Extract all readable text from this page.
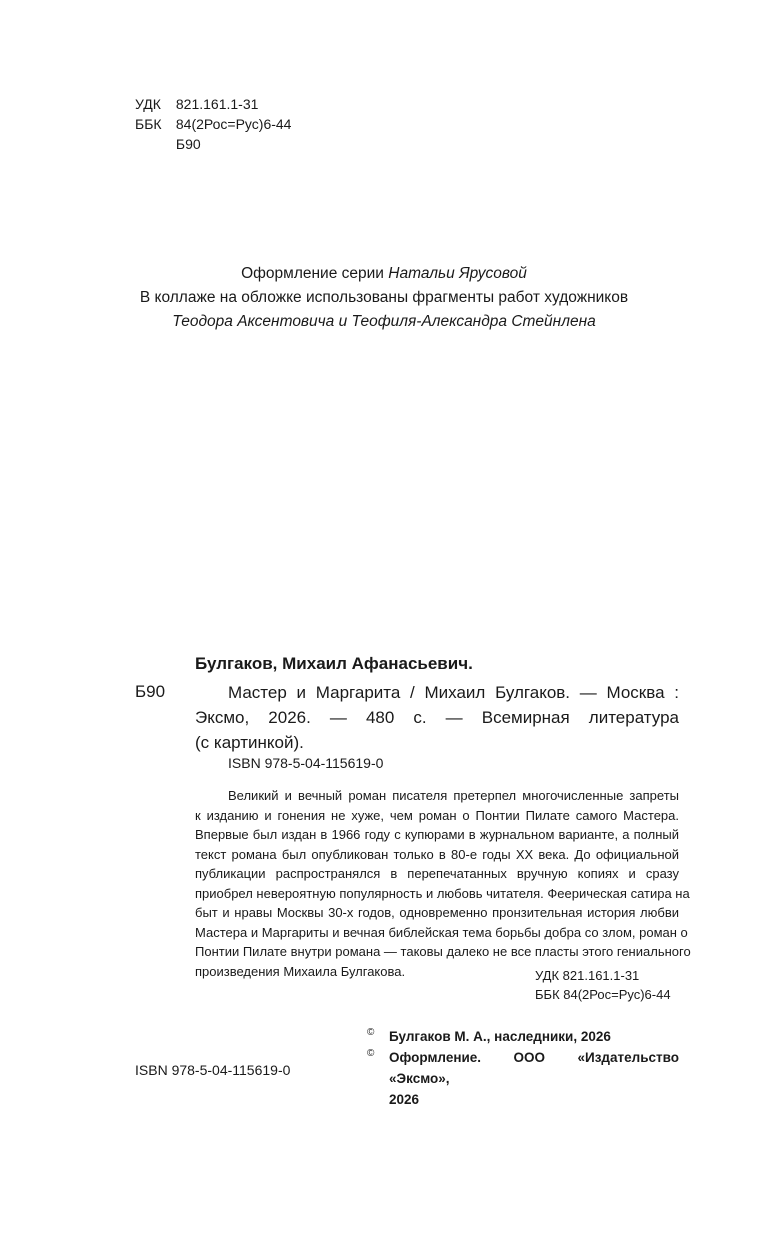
УДК 821.161.1-31
ББК 84(2Рос=Рус)6-44
Б90
Оформление серии Натальи Ярусовой
В коллаже на обложке использованы фрагменты работ художников
Теодора Аксентовича и Теофиля-Александра Стейнлена
Булгаков, Михаил Афанасьевич.
Б90	Мастер и Маргарита / Михаил Булгаков. — Москва :
Эксмо, 2026. — 480 с. — Всемирная литература
(с картинкой).
ISBN 978-5-04-115619-0
Великий и вечный роман писателя претерпел многочисленные запреты
к изданию и гонения не хуже, чем роман о Понтии Пилате самого Мастера.
Впервые был издан в 1966 году с купюрами в журнальном варианте, а полный
текст романа был опубликован только в 80-е годы XX века. До официальной
публикации распространялся в перепечатанных вручную копиях и сразу
приобрел невероятную популярность и любовь читателя. Феерическая сатира на
быт и нравы Москвы 30-х годов, одновременно пронзительная история любви
Мастера и Маргариты и вечная библейская тема борьбы добра со злом, роман о
Понтии Пилате внутри романа — таковы далеко не все пласты этого гениального
произведения Михаила Булгакова.	УДК 821.161.1-31
ББК 84(2Рос=Рус)6-44
© Булгаков М. А., наследники, 2026
© Оформление. ООО «Издательство «Эксмо»,
2026
ISBN 978-5-04-115619-0
